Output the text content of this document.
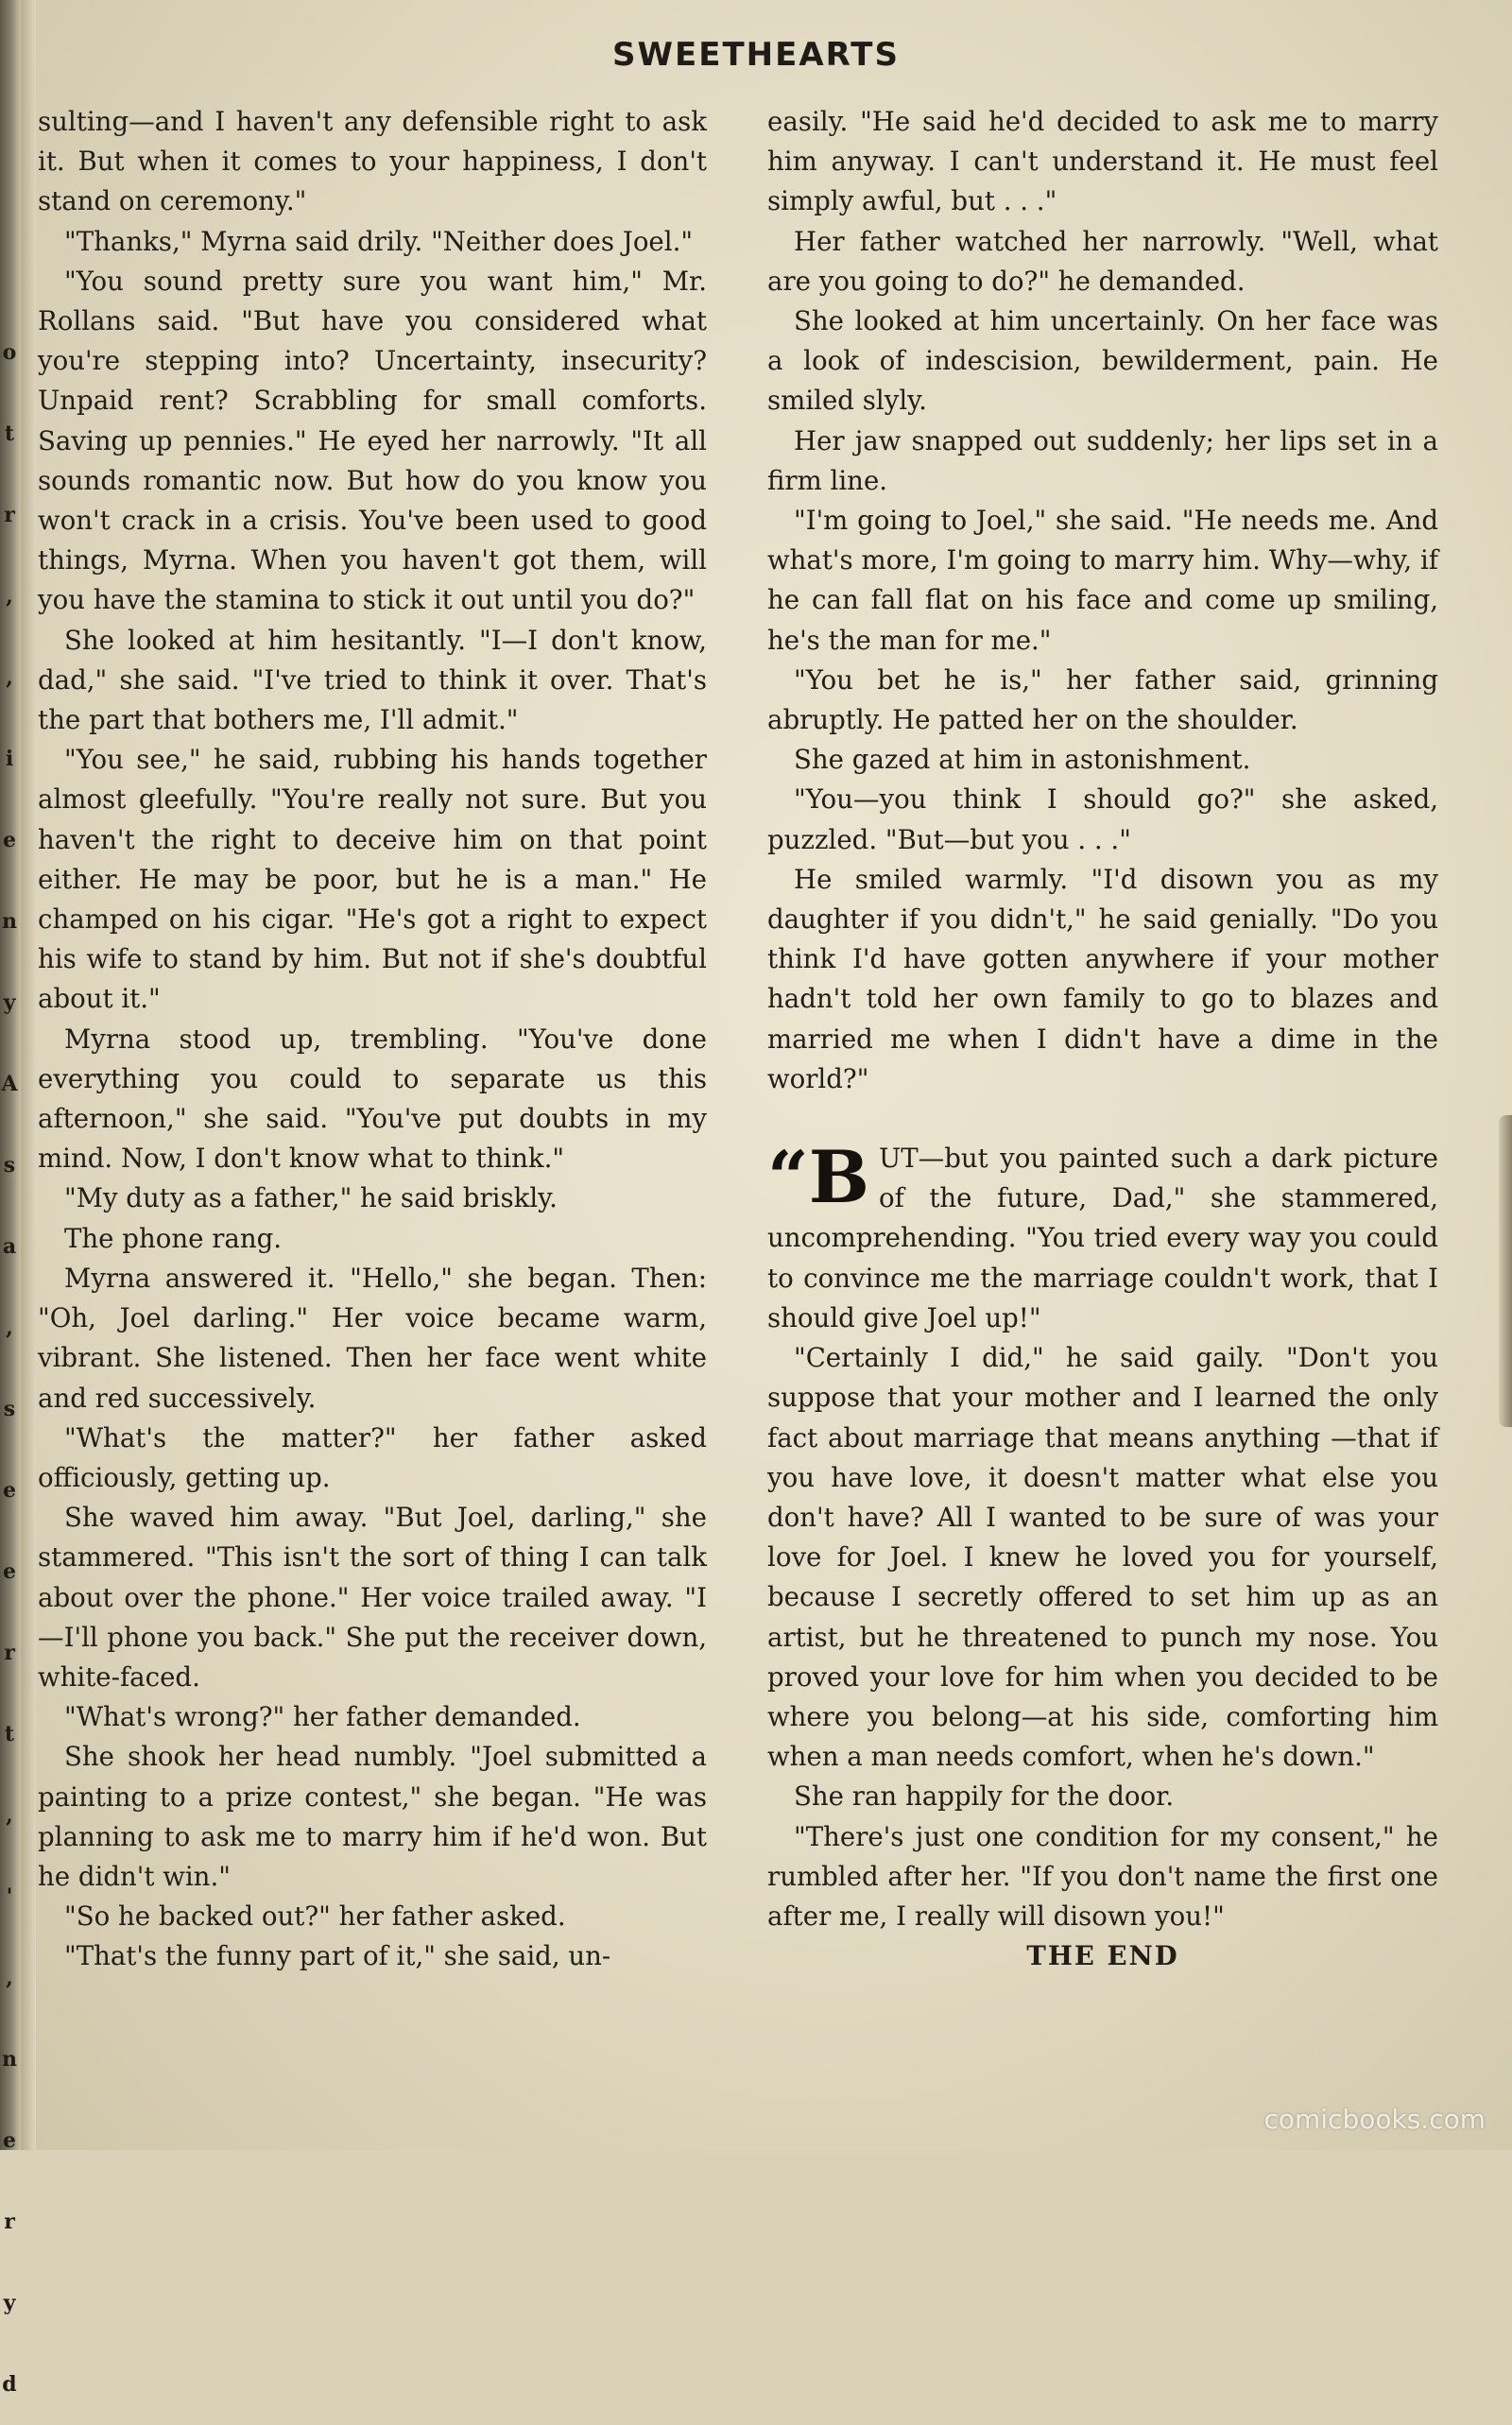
o
t
r
,
,
i
e
n
y
A
s
a
,
s
e
e
r
t
,
'
,
n
e
r
y
d
SWEETHEARTS

sulting—and I haven't any defensible right to ask it. But when it comes to your happiness, I don't stand on ceremony."

"Thanks," Myrna said drily. "Neither does Joel."

"You sound pretty sure you want him," Mr. Rollans said. "But have you considered what you're stepping into? Uncertainty, insecurity? Unpaid rent? Scrabbling for small comforts. Saving up pennies." He eyed her narrowly. "It all sounds romantic now. But how do you know you won't crack in a crisis. You've been used to good things, Myrna. When you haven't got them, will you have the stamina to stick it out until you do?"

She looked at him hesitantly. "I—I don't know, dad," she said. "I've tried to think it over. That's the part that bothers me, I'll admit."

"You see," he said, rubbing his hands together almost gleefully. "You're really not sure. But you haven't the right to deceive him on that point either. He may be poor, but he is a man." He champed on his cigar. "He's got a right to expect his wife to stand by him. But not if she's doubtful about it."

Myrna stood up, trembling. "You've done everything you could to separate us this afternoon," she said. "You've put doubts in my mind. Now, I don't know what to think."

"My duty as a father," he said briskly.

The phone rang.

Myrna answered it. "Hello," she began. Then: "Oh, Joel darling." Her voice became warm, vibrant. She listened. Then her face went white and red successively.

"What's the matter?" her father asked officiously, getting up.

She waved him away. "But Joel, darling," she stammered. "This isn't the sort of thing I can talk about over the phone." Her voice trailed away. "I—I'll phone you back." She put the receiver down, white-faced.

"What's wrong?" her father demanded.

She shook her head numbly. "Joel submitted a painting to a prize contest," she began. "He was planning to ask me to marry him if he'd won. But he didn't win."

"So he backed out?" her father asked.

"That's the funny part of it," she said, un-

easily. "He said he'd decided to ask me to marry him anyway. I can't understand it. He must feel simply awful, but . . ."

Her father watched her narrowly. "Well, what are you going to do?" he demanded.

She looked at him uncertainly. On her face was a look of indescision, bewilderment, pain. He smiled slyly.

Her jaw snapped out suddenly; her lips set in a firm line.

"I'm going to Joel," she said. "He needs me. And what's more, I'm going to marry him. Why—why, if he can fall flat on his face and come up smiling, he's the man for me."

"You bet he is," her father said, grinning abruptly. He patted her on the shoulder.

She gazed at him in astonishment.

"You—you think I should go?" she asked, puzzled. "But—but you . . ."

He smiled warmly. "I'd disown you as my daughter if you didn't," he said genially. "Do you think I'd have gotten anywhere if your mother hadn't told her own family to go to blazes and married me when I didn't have a dime in the world?"

“B UT—but you painted such a dark picture of the future, Dad," she stammered, uncomprehending. "You tried every way you could to convince me the marriage couldn't work, that I should give Joel up!"

"Certainly I did," he said gaily. "Don't you suppose that your mother and I learned the only fact about marriage that means anything —that if you have love, it doesn't matter what else you don't have? All I wanted to be sure of was your love for Joel. I knew he loved you for yourself, because I secretly offered to set him up as an artist, but he threatened to punch my nose. You proved your love for him when you decided to be where you belong—at his side, comforting him when a man needs comfort, when he's down."

She ran happily for the door.

"There's just one condition for my consent," he rumbled after her. "If you don't name the first one after me, I really will disown you!"

THE END

comicbooks.com
